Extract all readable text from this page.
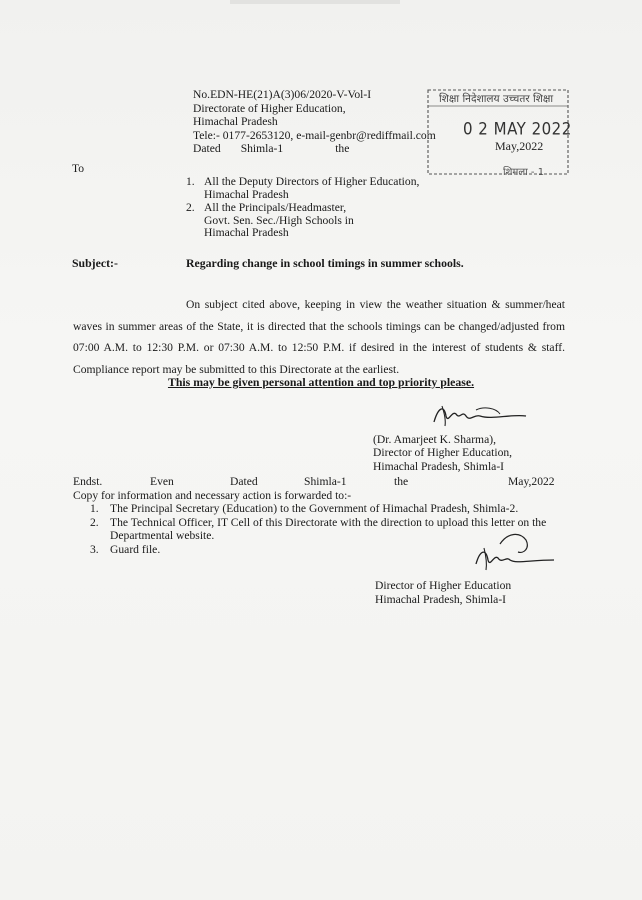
No.EDN-HE(21)A(3)06/2020-V-Vol-I
Directorate of Higher Education,
Himachal Pradesh
Tele:- 0177-2653120, e-mail-genbr@rediffmail.com
Dated Shimla-1	the
शिक्षा निदेशालय उच्चतर शिक्षा
0 2 MAY 2022
May,2022
शिमला - 1
To
1. All the Deputy Directors of Higher Education,
Himachal Pradesh
2. All the Principals/Headmaster,
Govt. Sen. Sec./High Schools in
Himachal Pradesh
Subject:-	Regarding change in school timings in summer schools.
On subject cited above, keeping in view the weather situation & summer/heat waves in summer areas of the State, it is directed that the schools timings can be changed/adjusted from 07:00 A.M. to 12:30 P.M. or 07:30 A.M. to 12:50 P.M. if desired in the interest of students & staff. Compliance report may be submitted to this Directorate at the earliest.
This may be given personal attention and top priority please.
(Dr. Amarjeet K. Sharma),
Director of Higher Education,
Himachal Pradesh, Shimla-I
Endst.	Even	Dated	Shimla-1	the	May,2022
Copy for information and necessary action is forwarded to:-
1. The Principal Secretary (Education) to the Government of Himachal Pradesh, Shimla-2.
2. The Technical Officer, IT Cell of this Directorate with the direction to upload this letter on the Departmental website.
3. Guard file.
Director of Higher Education
Himachal Pradesh, Shimla-I
